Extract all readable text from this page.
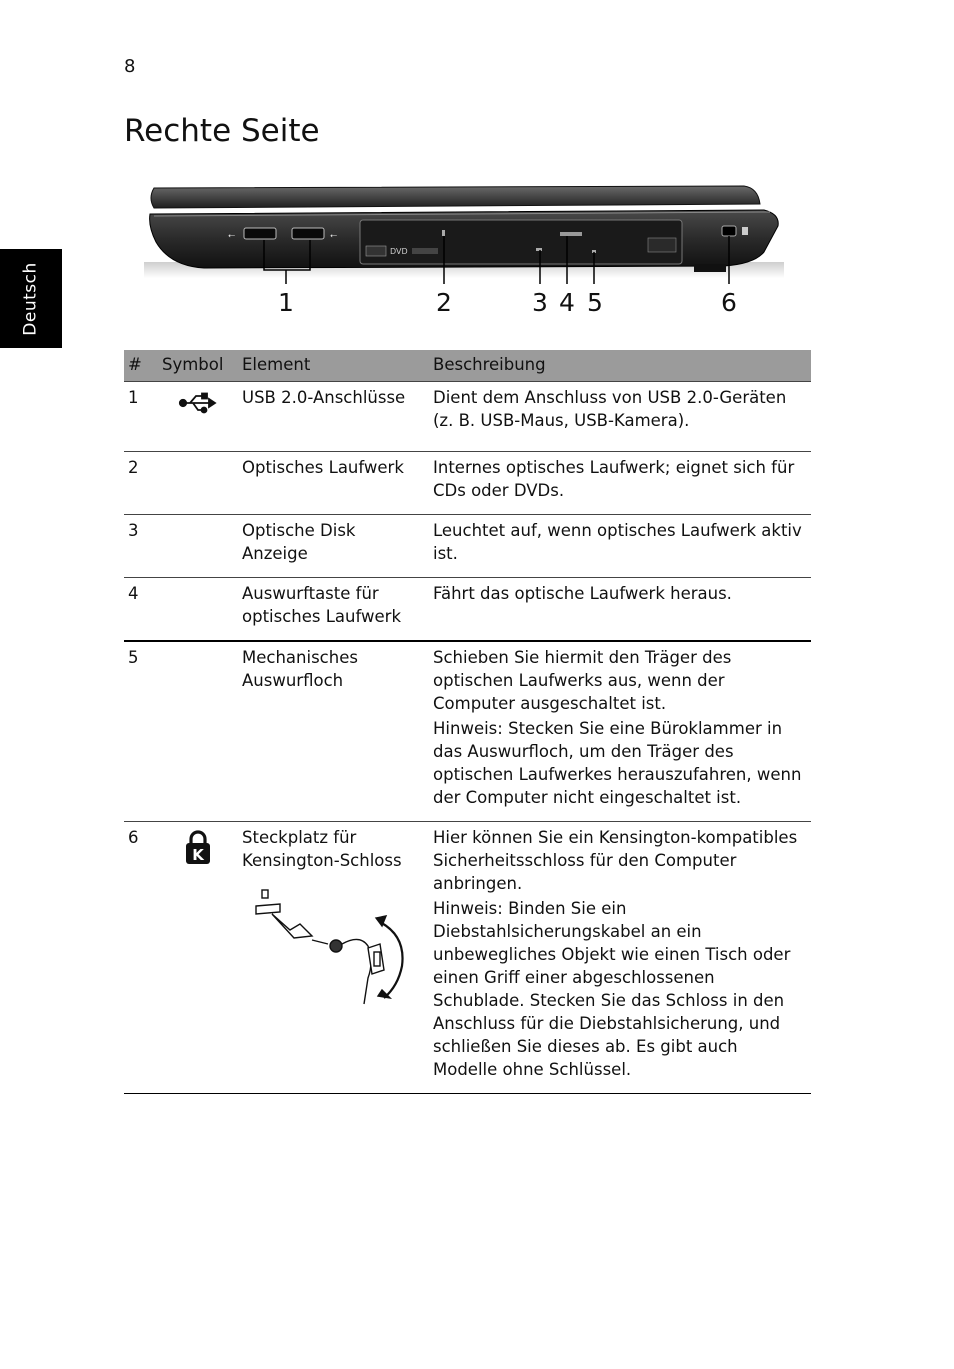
8
Deutsch
Rechte Seite
⭠	⭠
DVD
1	2	3 4 5	6
#	Symbol	Element	Beschreibung
1		USB 2.0-Anschlüsse	Dient dem Anschluss von USB 2.0-Geräten (z. B. USB-Maus, USB-Kamera).
2		Optisches Laufwerk	Internes optisches Laufwerk; eignet sich für CDs oder DVDs.
3		Optische Disk Anzeige	Leuchtet auf, wenn optisches Laufwerk aktiv ist.
4		Auswurftaste für optisches Laufwerk	Fährt das optische Laufwerk heraus.
5		Mechanisches Auswurfloch	Schieben Sie hiermit den Träger des optischen Laufwerks aus, wenn der Computer ausgeschaltet ist.

Hinweis: Stecken Sie eine Büroklammer in das Auswurfloch, um den Träger des optischen Laufwerkes herauszufahren, wenn der Computer nicht eingeschaltet ist.

6	K	Steckplatz für Kensington-Schloss	Hier können Sie ein Kensington-kompatibles Sicherheitsschloss für den Computer anbringen.

Hinweis: Binden Sie ein Diebstahlsicherungskabel an ein unbewegliches Objekt wie einen Tisch oder einen Griff einer abgeschlossenen Schublade. Stecken Sie das Schloss in den Anschluss für die Diebstahlsicherung, und schließen Sie dieses ab. Es gibt auch Modelle ohne Schlüssel.
